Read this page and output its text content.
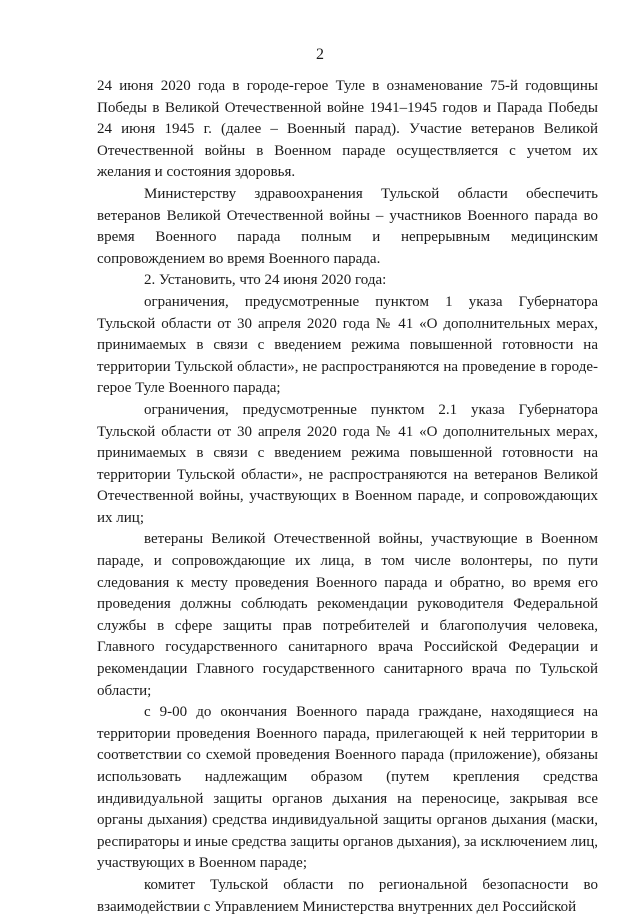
2

24 июня 2020 года в городе-герое Туле в ознаменование 75-й годовщины Победы в Великой Отечественной войне 1941–1945 годов и Парада Победы 24 июня 1945 г. (далее – Военный парад). Участие ветеранов Великой Отечественной войны в Военном параде осуществляется с учетом их желания и состояния здоровья.

Министерству здравоохранения Тульской области обеспечить ветеранов Великой Отечественной войны – участников Военного парада во время Военного парада полным и непрерывным медицинским сопровождением во время Военного парада.

2. Установить, что 24 июня 2020 года:

ограничения, предусмотренные пунктом 1 указа Губернатора Тульской области от 30 апреля 2020 года № 41 «О дополнительных мерах, принимаемых в связи с введением режима повышенной готовности на территории Тульской области», не распространяются на проведение в городе-герое Туле Военного парада;

ограничения, предусмотренные пунктом 2.1 указа Губернатора Тульской области от 30 апреля 2020 года № 41 «О дополнительных мерах, принимаемых в связи с введением режима повышенной готовности на территории Тульской области», не распространяются на ветеранов Великой Отечественной войны, участвующих в Военном параде, и сопровождающих их лиц;

ветераны Великой Отечественной войны, участвующие в Военном параде, и сопровождающие их лица, в том числе волонтеры, по пути следования к месту проведения Военного парада и обратно, во время его проведения должны соблюдать рекомендации руководителя Федеральной службы в сфере защиты прав потребителей и благополучия человека, Главного государственного санитарного врача Российской Федерации и рекомендации Главного государственного санитарного врача по Тульской области;

с 9-00 до окончания Военного парада граждане, находящиеся на территории проведения Военного парада, прилегающей к ней территории в соответствии со схемой проведения Военного парада (приложение), обязаны использовать надлежащим образом (путем крепления средства индивидуальной защиты органов дыхания на переносице, закрывая все органы дыхания) средства индивидуальной защиты органов дыхания (маски, респираторы и иные средства защиты органов дыхания), за исключением лиц, участвующих в Военном параде;

комитет Тульской области по региональной безопасности во взаимодействии с Управлением Министерства внутренних дел Российской
